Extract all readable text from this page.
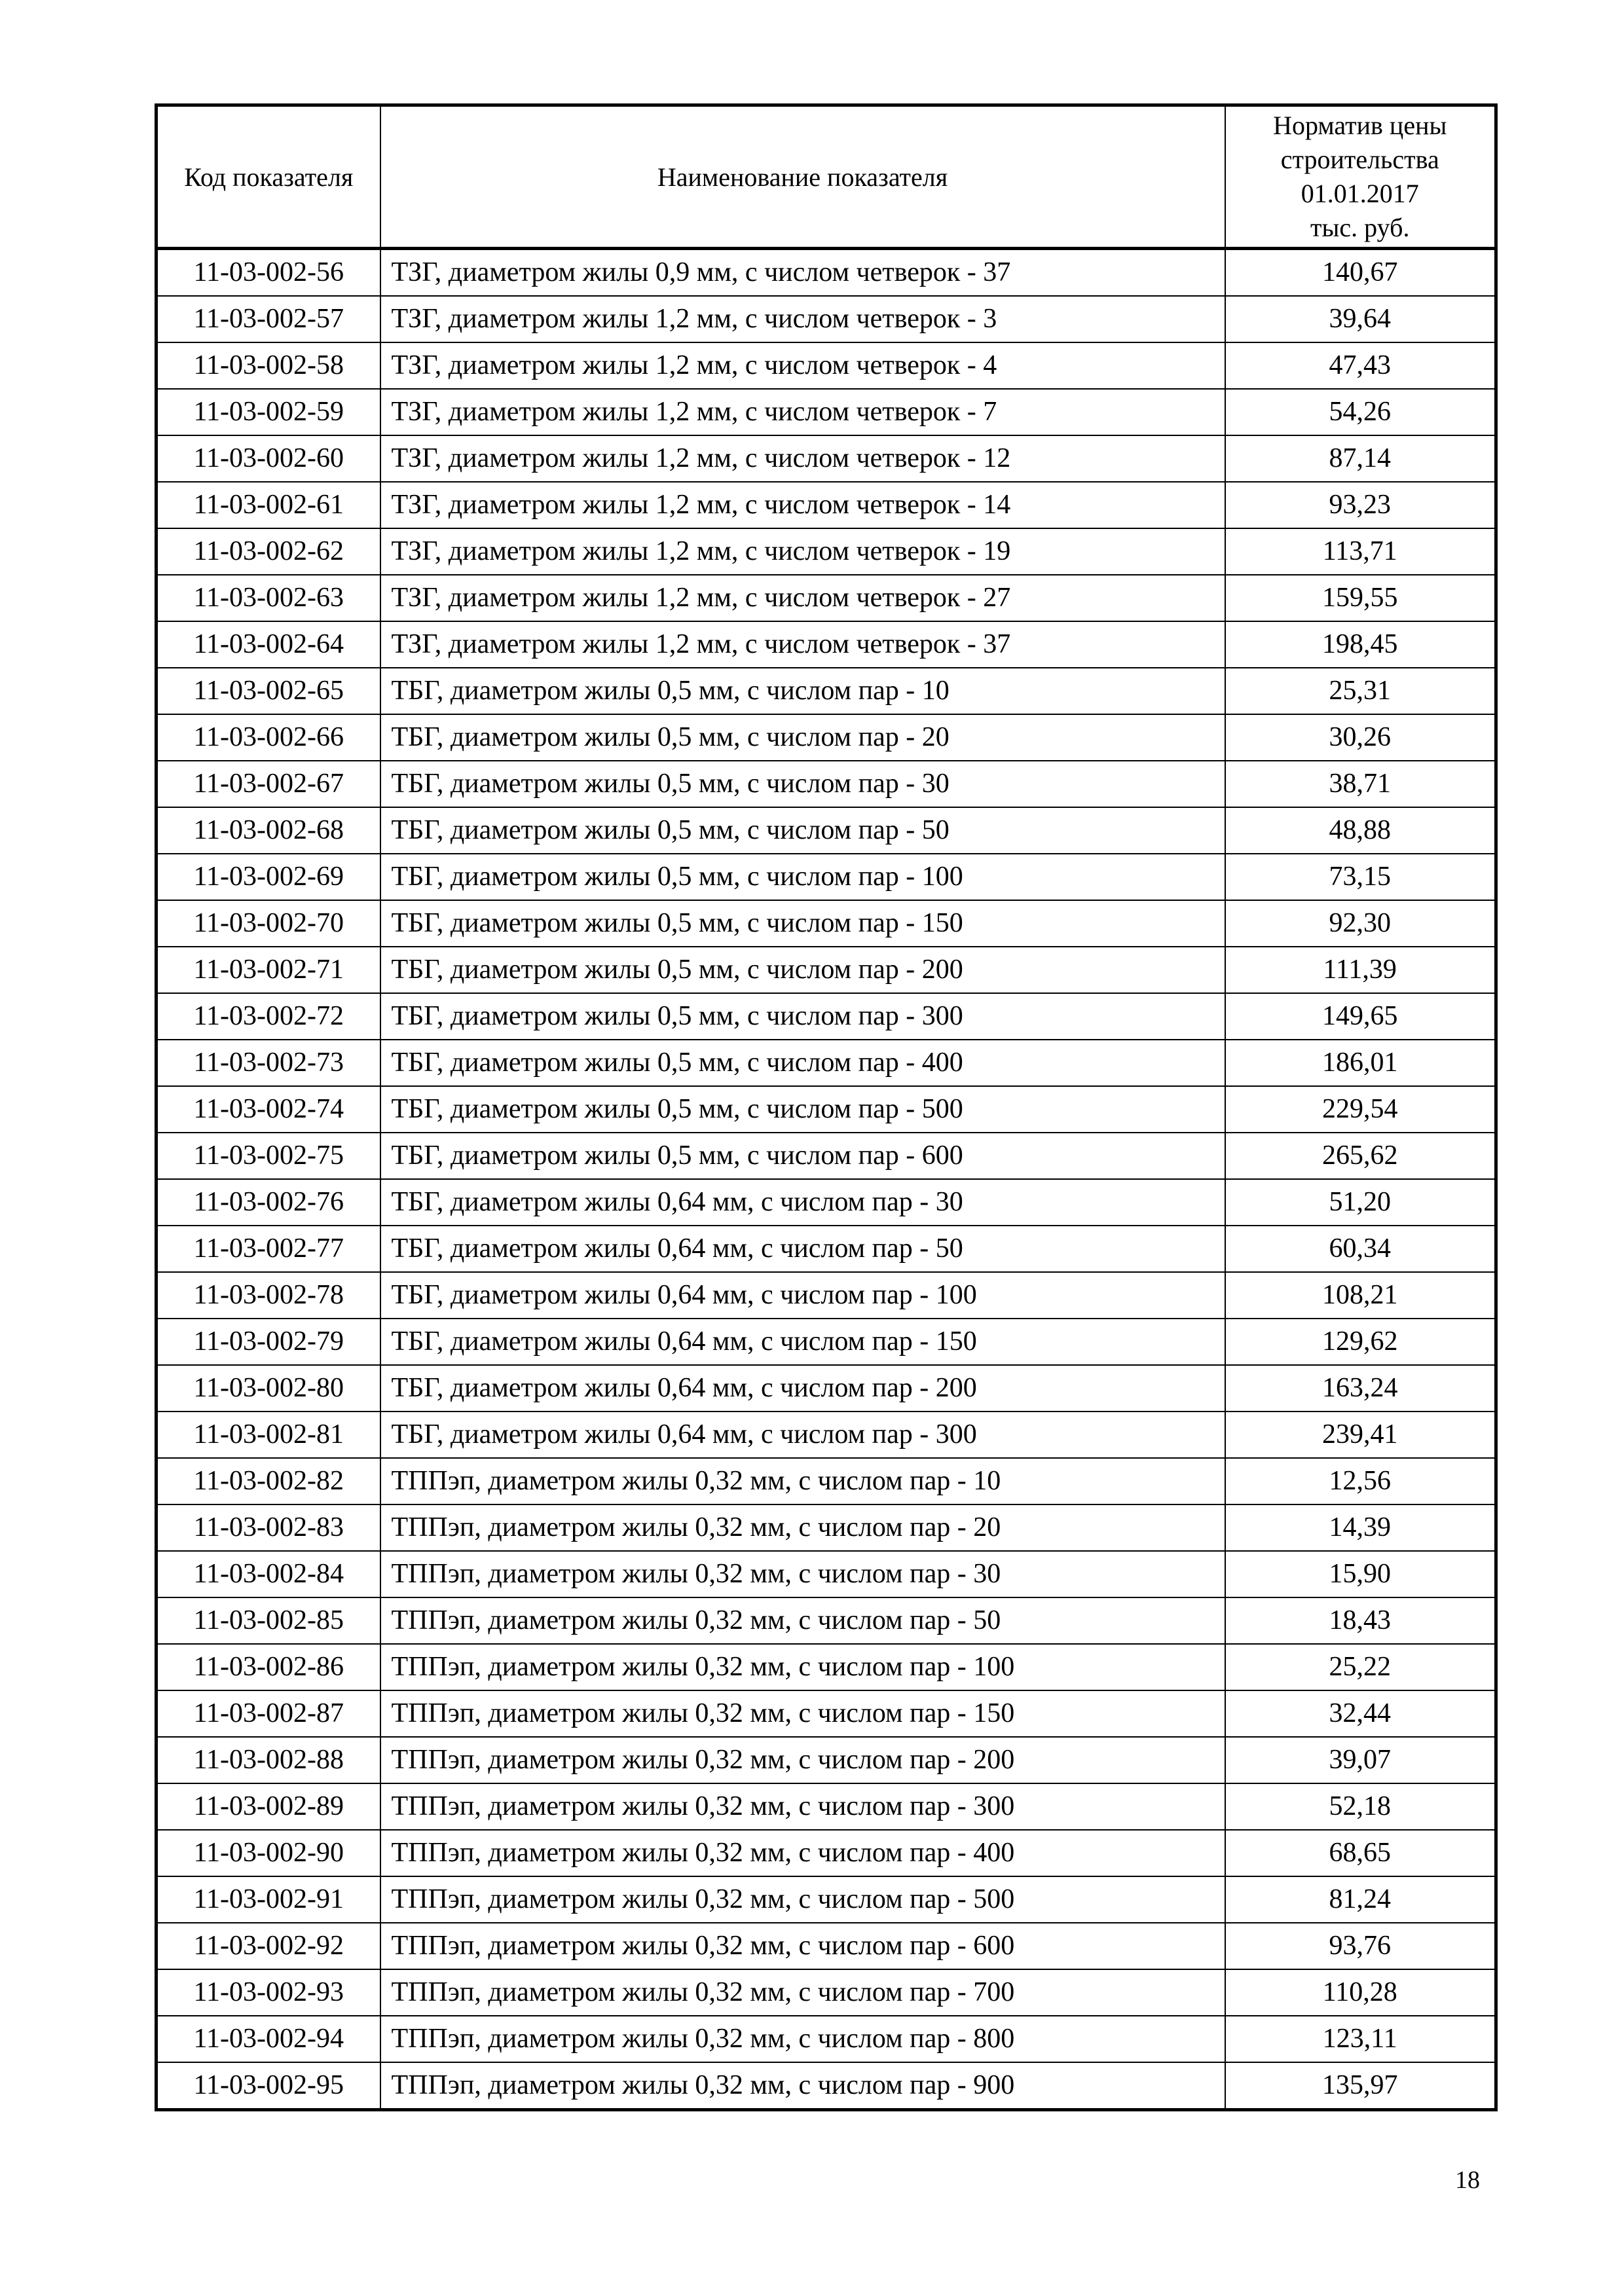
Код показателя	Наименование показателя	Норматив цены
строительства
01.01.2017
тыс. руб.

11-03-002-56	ТЗГ, диаметром жилы 0,9 мм, с числом четверок - 37	140,67
11-03-002-57	ТЗГ, диаметром жилы 1,2 мм, с числом четверок - 3	39,64
11-03-002-58	ТЗГ, диаметром жилы 1,2 мм, с числом четверок - 4	47,43
11-03-002-59	ТЗГ, диаметром жилы 1,2 мм, с числом четверок - 7	54,26
11-03-002-60	ТЗГ, диаметром жилы 1,2 мм, с числом четверок - 12	87,14
11-03-002-61	ТЗГ, диаметром жилы 1,2 мм, с числом четверок - 14	93,23
11-03-002-62	ТЗГ, диаметром жилы 1,2 мм, с числом четверок - 19	113,71
11-03-002-63	ТЗГ, диаметром жилы 1,2 мм, с числом четверок - 27	159,55
11-03-002-64	ТЗГ, диаметром жилы 1,2 мм, с числом четверок - 37	198,45
11-03-002-65	ТБГ, диаметром жилы 0,5 мм, с числом пар - 10	25,31
11-03-002-66	ТБГ, диаметром жилы 0,5 мм, с числом пар - 20	30,26
11-03-002-67	ТБГ, диаметром жилы 0,5 мм, с числом пар - 30	38,71
11-03-002-68	ТБГ, диаметром жилы 0,5 мм, с числом пар - 50	48,88
11-03-002-69	ТБГ, диаметром жилы 0,5 мм, с числом пар - 100	73,15
11-03-002-70	ТБГ, диаметром жилы 0,5 мм, с числом пар - 150	92,30
11-03-002-71	ТБГ, диаметром жилы 0,5 мм, с числом пар - 200	111,39
11-03-002-72	ТБГ, диаметром жилы 0,5 мм, с числом пар - 300	149,65
11-03-002-73	ТБГ, диаметром жилы 0,5 мм, с числом пар - 400	186,01
11-03-002-74	ТБГ, диаметром жилы 0,5 мм, с числом пар - 500	229,54
11-03-002-75	ТБГ, диаметром жилы 0,5 мм, с числом пар - 600	265,62
11-03-002-76	ТБГ, диаметром жилы 0,64 мм, с числом пар - 30	51,20
11-03-002-77	ТБГ, диаметром жилы 0,64 мм, с числом пар - 50	60,34
11-03-002-78	ТБГ, диаметром жилы 0,64 мм, с числом пар - 100	108,21
11-03-002-79	ТБГ, диаметром жилы 0,64 мм, с числом пар - 150	129,62
11-03-002-80	ТБГ, диаметром жилы 0,64 мм, с числом пар - 200	163,24
11-03-002-81	ТБГ, диаметром жилы 0,64 мм, с числом пар - 300	239,41
11-03-002-82	ТППэп, диаметром жилы 0,32 мм, с числом пар - 10	12,56
11-03-002-83	ТППэп, диаметром жилы 0,32 мм, с числом пар - 20	14,39
11-03-002-84	ТППэп, диаметром жилы 0,32 мм, с числом пар - 30	15,90
11-03-002-85	ТППэп, диаметром жилы 0,32 мм, с числом пар - 50	18,43
11-03-002-86	ТППэп, диаметром жилы 0,32 мм, с числом пар - 100	25,22
11-03-002-87	ТППэп, диаметром жилы 0,32 мм, с числом пар - 150	32,44
11-03-002-88	ТППэп, диаметром жилы 0,32 мм, с числом пар - 200	39,07
11-03-002-89	ТППэп, диаметром жилы 0,32 мм, с числом пар - 300	52,18
11-03-002-90	ТППэп, диаметром жилы 0,32 мм, с числом пар - 400	68,65
11-03-002-91	ТППэп, диаметром жилы 0,32 мм, с числом пар - 500	81,24
11-03-002-92	ТППэп, диаметром жилы 0,32 мм, с числом пар - 600	93,76
11-03-002-93	ТППэп, диаметром жилы 0,32 мм, с числом пар - 700	110,28
11-03-002-94	ТППэп, диаметром жилы 0,32 мм, с числом пар - 800	123,11
11-03-002-95	ТППэп, диаметром жилы 0,32 мм, с числом пар - 900	135,97
18
